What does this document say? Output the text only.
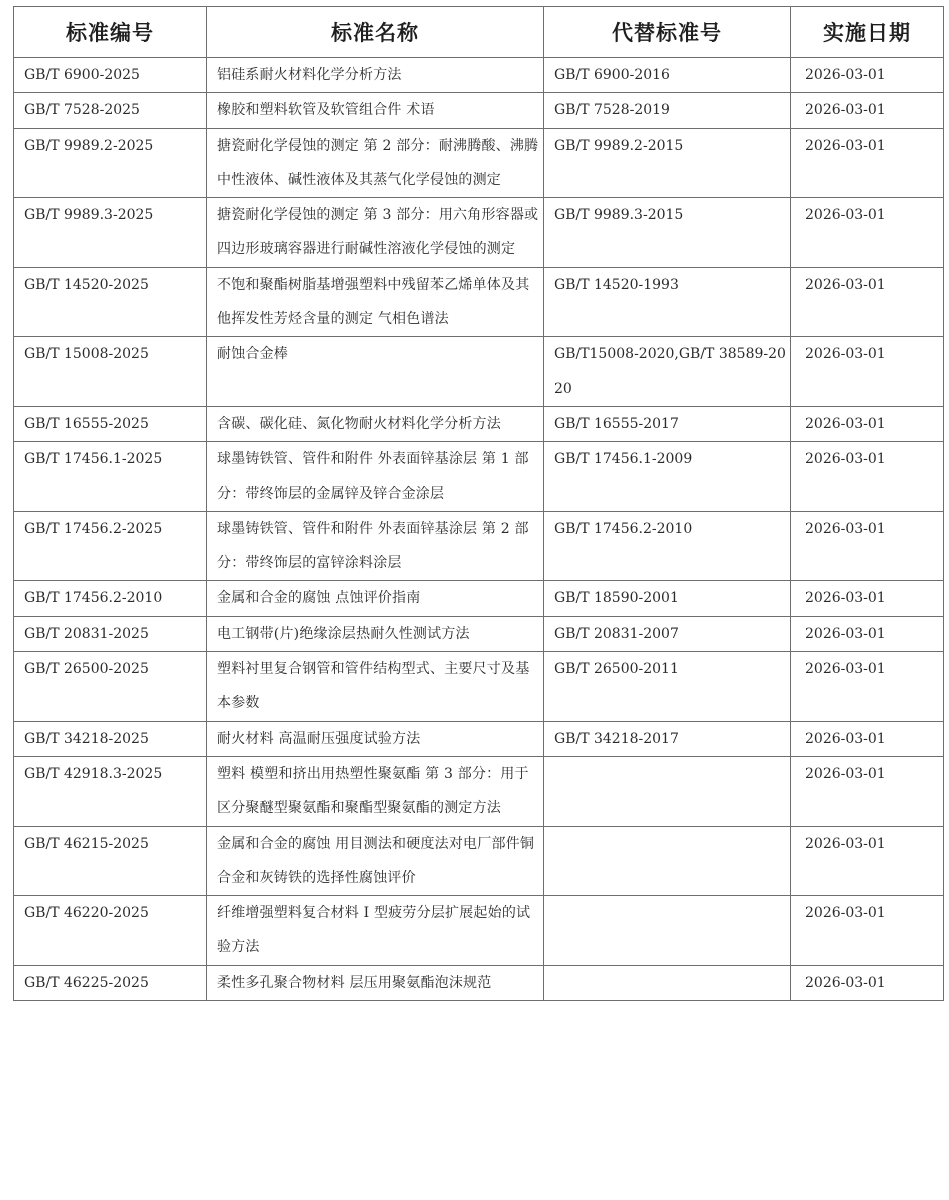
标准编号	标准名称	代替标准号	实施日期
GB/T 6900-2025	铝硅系耐火材料化学分析方法	GB/T 6900-2016	2026-03-01
GB/T 7528-2025	橡胶和塑料软管及软管组合件 术语	GB/T 7528-2019	2026-03-01
GB/T 9989.2-2025	搪瓷耐化学侵蚀的测定 第 2 部分：耐沸腾酸、沸腾中性液体、碱性液体及其蒸气化学侵蚀的测定	GB/T 9989.2-2015	2026-03-01
GB/T 9989.3-2025	搪瓷耐化学侵蚀的测定 第 3 部分：用六角形容器或四边形玻璃容器进行耐碱性溶液化学侵蚀的测定	GB/T 9989.3-2015	2026-03-01
GB/T 14520-2025	不饱和聚酯树脂基增强塑料中残留苯乙烯单体及其他挥发性芳烃含量的测定 气相色谱法	GB/T 14520-1993	2026-03-01
GB/T 15008-2025	耐蚀合金棒	GB/T15008-2020,GB/T 38589-2020	2026-03-01
GB/T 16555-2025	含碳、碳化硅、氮化物耐火材料化学分析方法	GB/T 16555-2017	2026-03-01
GB/T 17456.1-2025	球墨铸铁管、管件和附件 外表面锌基涂层 第 1 部分：带终饰层的金属锌及锌合金涂层	GB/T 17456.1-2009	2026-03-01
GB/T 17456.2-2025	球墨铸铁管、管件和附件 外表面锌基涂层 第 2 部分：带终饰层的富锌涂料涂层	GB/T 17456.2-2010	2026-03-01
GB/T 17456.2-2010	金属和合金的腐蚀 点蚀评价指南	GB/T 18590-2001	2026-03-01
GB/T 20831-2025	电工钢带(片)绝缘涂层热耐久性测试方法	GB/T 20831-2007	2026-03-01
GB/T 26500-2025	塑料衬里复合钢管和管件结构型式、主要尺寸及基本参数	GB/T 26500-2011	2026-03-01
GB/T 34218-2025	耐火材料 高温耐压强度试验方法	GB/T 34218-2017	2026-03-01
GB/T 42918.3-2025	塑料 模塑和挤出用热塑性聚氨酯 第 3 部分：用于区分聚醚型聚氨酯和聚酯型聚氨酯的测定方法		2026-03-01
GB/T 46215-2025	金属和合金的腐蚀 用目测法和硬度法对电厂部件铜合金和灰铸铁的选择性腐蚀评价		2026-03-01
GB/T 46220-2025	纤维增强塑料复合材料 I 型疲劳分层扩展起始的试验方法		2026-03-01
GB/T 46225-2025	柔性多孔聚合物材料 层压用聚氨酯泡沫规范		2026-03-01
